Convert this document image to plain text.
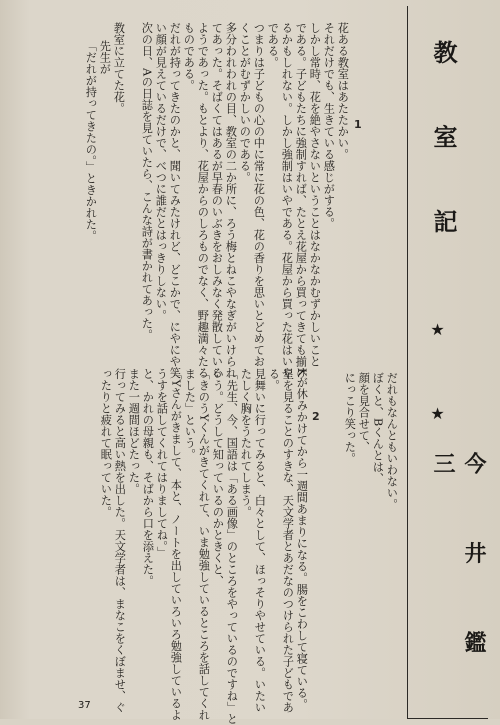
教 室 記
★ ★
今 井 鑑 三
1
2
花ある教室はあたたかい。
それだけでも、生きている感じがする。
しかし常時、花を絶やさないということはなかなかむずかしいこと
である。子どもたちに強制すれば、たとえ花屋から買ってきても揃け
るかもしれない。しかし強制はいやである。花屋から買った花はいや
である。
つまりは子どもの心の中に常に花の色、花の香りを思いとどめてお
くことがむずかしいのである。
多分われわれの目、教室の二か所に、ろう梅とねこやなぎがいけられ
てあった。そばくてはあるが早春のいぶきをおしみなく発散している
ようであった。もとより、花屋からのしろものでなく、野趣満々たる
ものである。
だれが持ってきたのかと、聞いてみたけれど、どこかで、にやにや笑
い顔が見えているだけで、べつに誰だとはっきりしない。
次の日、Aの日誌を見ていたら、こんな詩が書かれてあった。
教室に立てた花。
先生が
「だれが持ってきたの。」ときかれた。
だれもなんともいわない。
ぼくと、Bくんとは、
顔を見合せて、
にっこり笑った。
Kが休みかけてから一週間あまりになる。腸をこわして寝ている。
星を見ることのすきな、天文学者とあだなのつけられた子どもであ
る。
見舞いに行ってみると、白々として、ほっそりやせている。いたい
たしく胸をうたれてしまう。
「先生、今、国語は「ある画像」のところをやっているのですね」と
いう。どうして知っているのかときくと、
「きのうYくんがきてくれて、いま勉強しているところを話してくれ
ました」という。
「Yさんがきまして、本と、ノートを出していろいろ勉強しているよ
うすを話してくれてはりましてね。」
と、かれの母親も、そばから口を添えた。
また一週間ほどたった。
行ってみると高い熱を出した。天文学者は、まなこをくぼませ、ぐ
ったりと疲れて眠っていた。
37
